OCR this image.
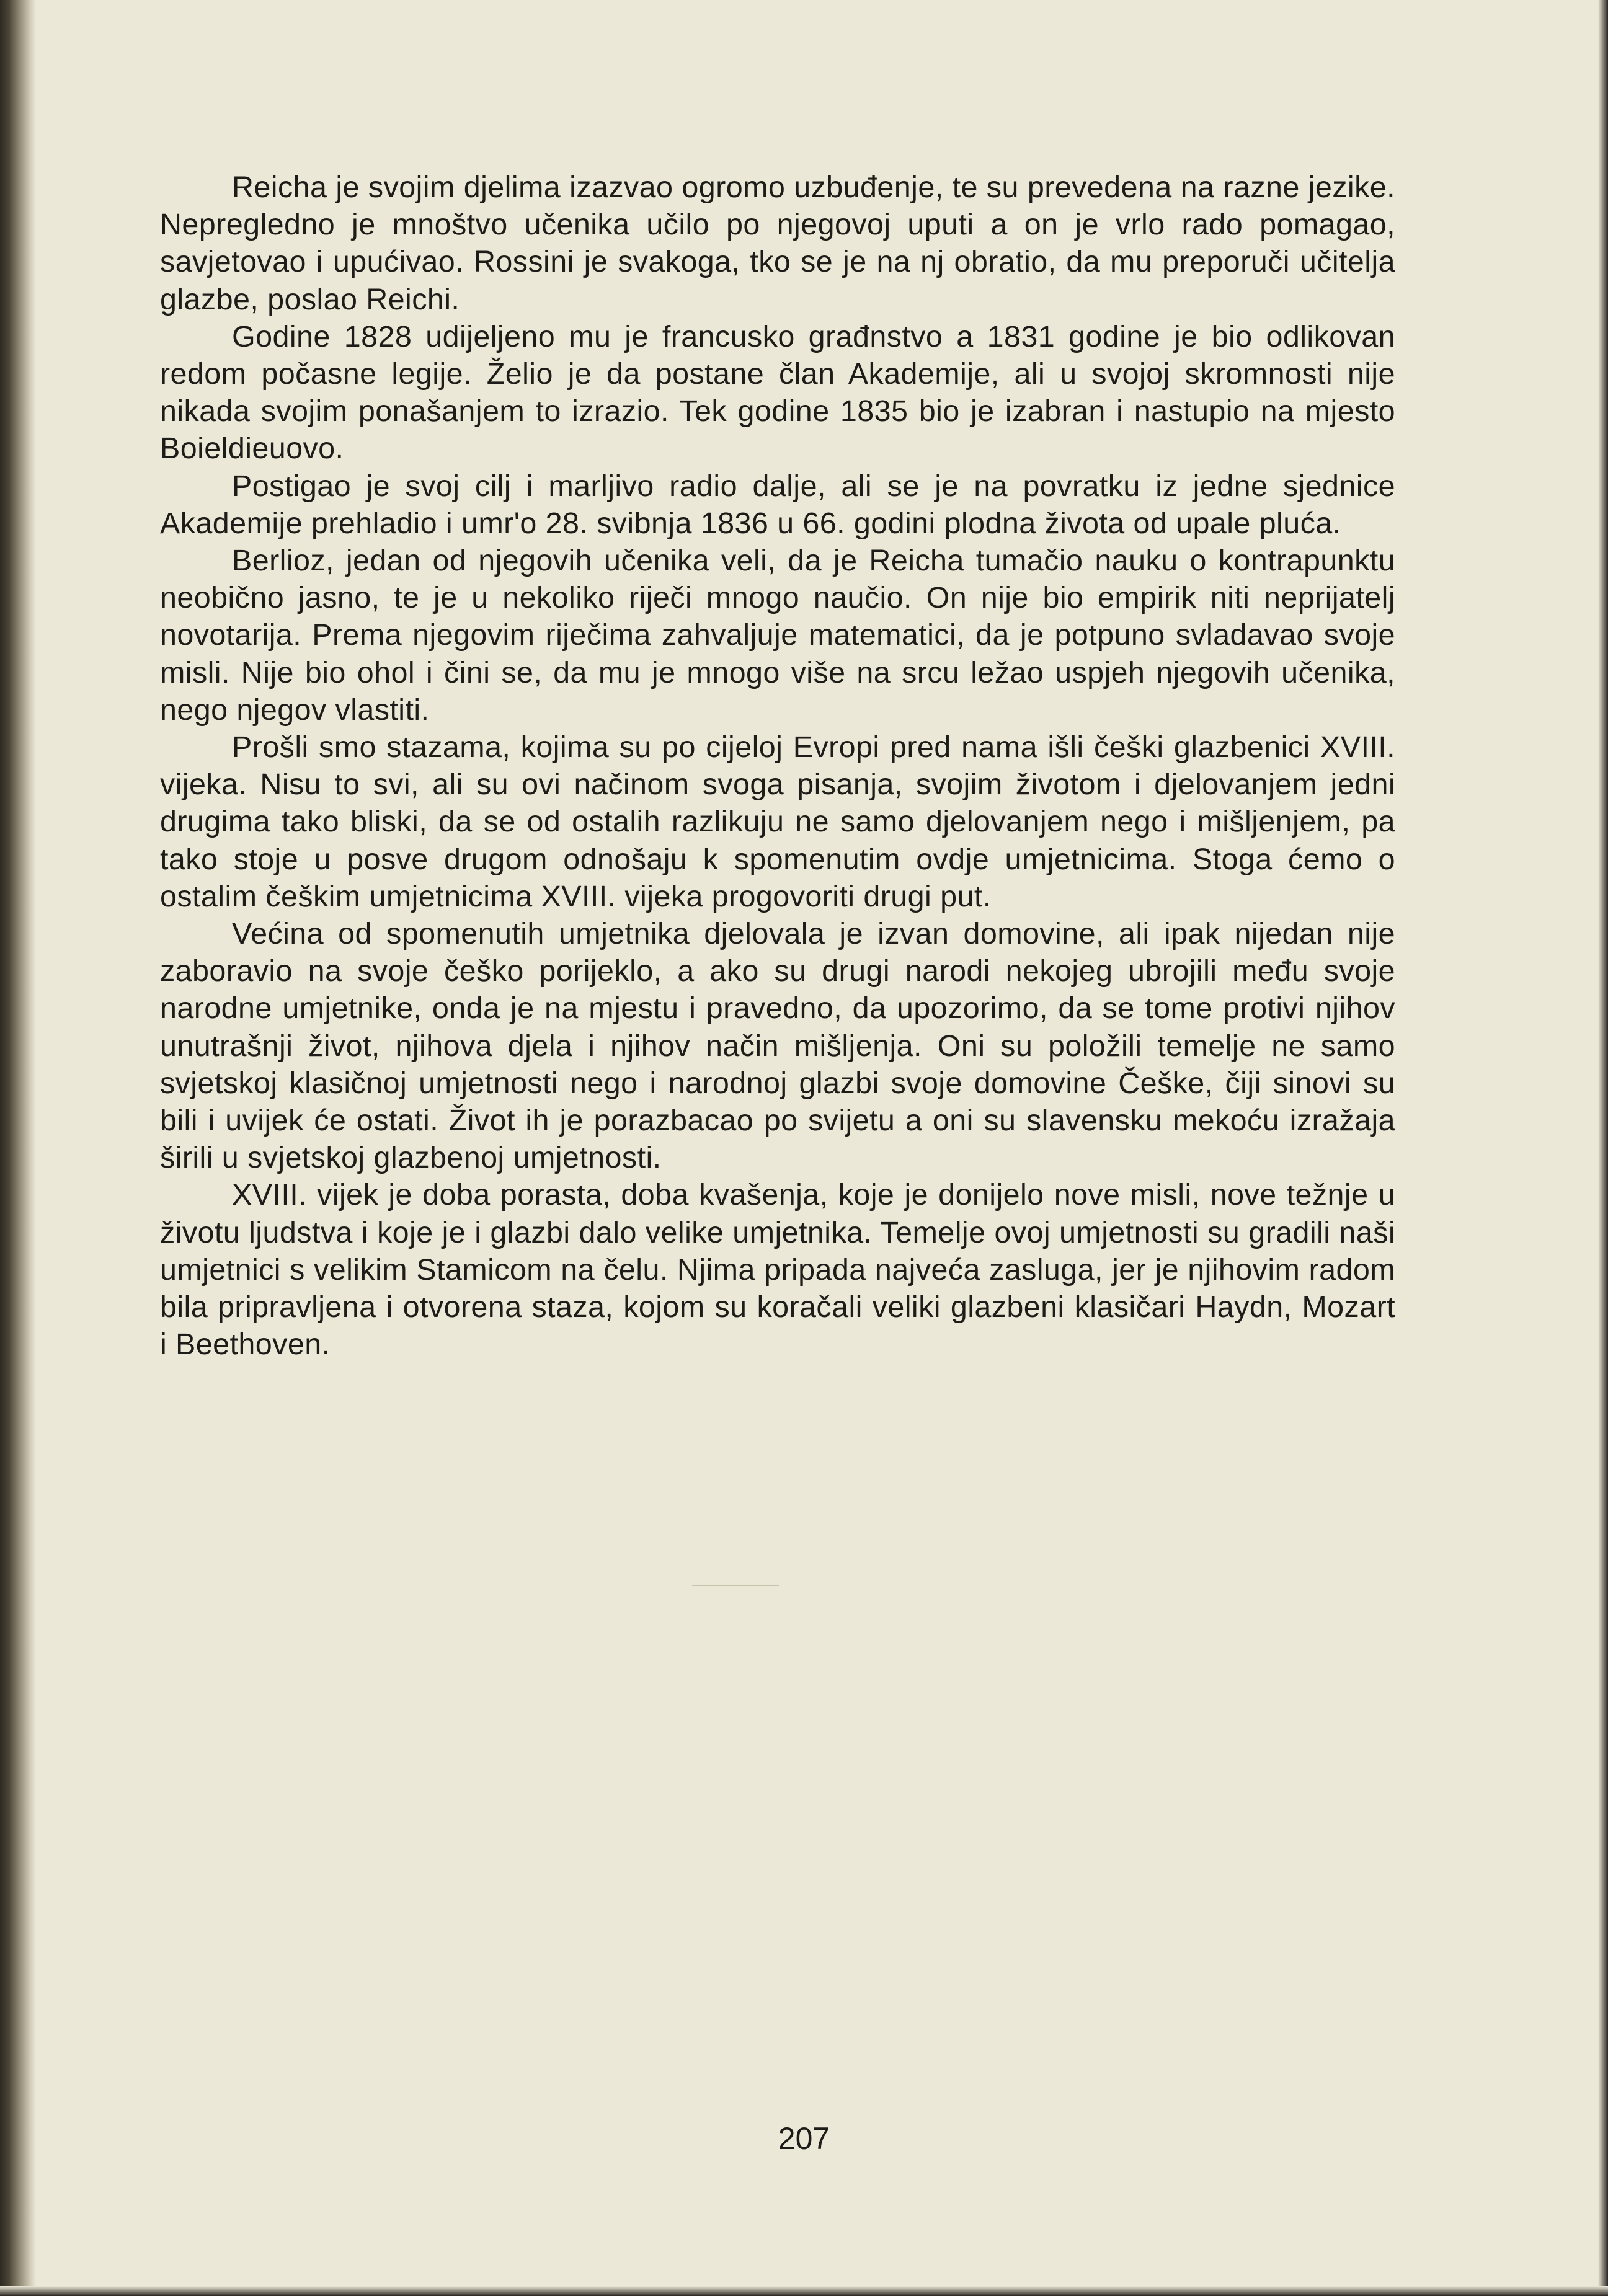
Reicha je svojim djelima izazvao ogromo uzbuđenje, te su prevedena na razne jezike. Nepregledno je mnoštvo učenika učilo po njegovoj uputi a on je vrlo rado pomagao, savjetovao i upućivao. Rossini je svakoga, tko se je na nj obratio, da mu preporuči učitelja glazbe, poslao Reichi.

Godine 1828 udijeljeno mu je francusko građnstvo a 1831 godine je bio odlikovan redom počasne legije. Želio je da postane član Akademije, ali u svojoj skromnosti nije nikada svojim ponašanjem to izrazio. Tek godine 1835 bio je izabran i nastupio na mjesto Boieldieuovo.

Postigao je svoj cilj i marljivo radio dalje, ali se je na povratku iz jedne sjednice Akademije prehladio i umr'o 28. svibnja 1836 u 66. godini plodna života od upale pluća.

Berlioz, jedan od njegovih učenika veli, da je Reicha tumačio nauku o kontrapunktu neobično jasno, te je u nekoliko riječi mnogo naučio. On nije bio empirik niti neprijatelj novotarija. Prema njegovim riječima zahvaljuje matematici, da je potpuno svladavao svoje misli. Nije bio ohol i čini se, da mu je mnogo više na srcu ležao uspjeh njegovih učenika, nego njegov vlastiti.

Prošli smo stazama, kojima su po cijeloj Evropi pred nama išli češki glazbenici XVIII. vijeka. Nisu to svi, ali su ovi načinom svoga pisanja, svojim životom i djelovanjem jedni drugima tako bliski, da se od ostalih razlikuju ne samo djelovanjem nego i mišljenjem, pa tako stoje u posve drugom odnošaju k spomenutim ovdje umjetnicima. Stoga ćemo o ostalim češkim umjetnicima XVIII. vijeka progovoriti drugi put.

Većina od spomenutih umjetnika djelovala je izvan domovine, ali ipak nijedan nije zaboravio na svoje češko porijeklo, a ako su drugi narodi nekojeg ubrojili među svoje narodne umjetnike, onda je na mjestu i pravedno, da upozorimo, da se tome protivi njihov unutrašnji život, njihova djela i njihov način mišljenja. Oni su položili temelje ne samo svjetskoj klasičnoj umjetnosti nego i narodnoj glazbi svoje domovine Češke, čiji sinovi su bili i uvijek će ostati. Život ih je porazbacao po svijetu a oni su slavensku mekoću izražaja širili u svjetskoj glazbenoj umjetnosti.

XVIII. vijek je doba porasta, doba kvašenja, koje je donijelo nove misli, nove težnje u životu ljudstva i koje je i glazbi dalo velike umjetnika. Temelje ovoj umjetnosti su gradili naši umjetnici s velikim Stamicom na čelu. Njima pripada najveća zasluga, jer je njihovim radom bila pripravljena i otvorena staza, kojom su koračali veliki glazbeni klasičari Haydn, Mozart i Beethoven.

207
